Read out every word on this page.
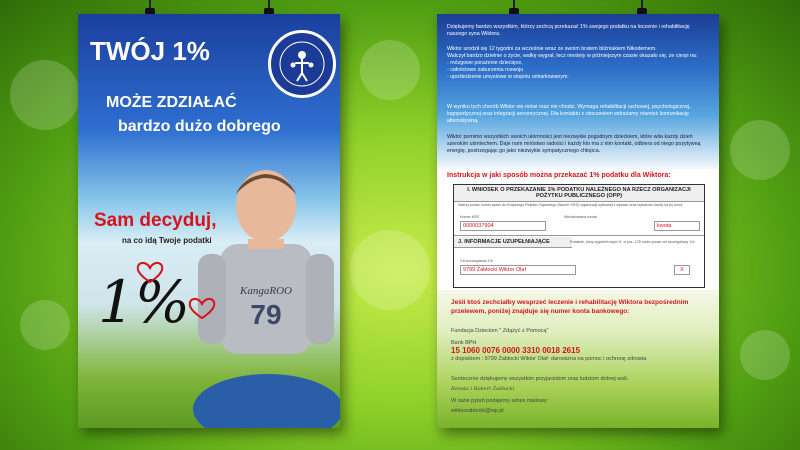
TWÓJ 1%
MOŻE ZDZIAŁAĆ
bardzo dużo dobrego
79
KangaROO
Sam decyduj,
na co idą Twoje podatki
1%
Dziękujemy bardzo wszystkim, którzy zechcą przekazać 1% swojego podatku na leczenie i rehabilitację naszego syna Wiktora.

Wiktor urodził się 12 tygodni za wcześnie wraz ze swoim bratem bliźniakiem Nikodemem.

Walczył bardzo dzielnie o życie, walkę wygrał, lecz niestety w późniejszym czasie okazało się, że cierpi na:

- mózgowe porażenie dziecięce,

- całościowe zaburzenia rozwoju

- upośledzenie umysłowe w stopniu umiarkowanym.

W wyniku tych chorób Wiktor nie mówi oraz nie chodzi. Wymaga rehabilitacji ruchowej, psychologicznej, logopedycznej oraz integracji sensorycznej. Dla kontaktu z otoczeniem wdrażamy również komunikację alternatywną.
Wiktor pomimo wszystkich swoich ułomności jest niezwykle pogodnym dzieckiem, które wita każdy dzień szerokim uśmiechem. Daje nam mnóstwo radości i każdy kto ma z nim kontakt, odbiera od niego pozytywną energię, postrzegając go jako niezwykle sympatycznego chłopca.
Instrukcja w jaki sposób można przekazać 1% podatku dla Wiktora:
I. WNIOSEK O PRZEKAZANIE 1% PODATKU NALEŻNEGO NA RZECZ ORGANIZACJI POŻYTKU PUBLICZNEGO (OPP)
Należy podać numer wpisu do Krajowego Rejestru Sądowego (Numer KRS) organizacji wybranej z wykazu oraz wysokość kwoty na jej rzecz.
Numer KRS
0000037904
Wnioskowana kwota
kwota
J. INFORMACJE UZUPEŁNIAJĄCE	Podatnik, który wypełnił część H, w poz. 125 może podać cel szczegółowy 1%.
Cel szczegółowy 1%
9799 Żabłocki Wiktor Olaf	X
Jeśli ktoś zechciałby wesprzeć leczenie i rehabilitację Wiktora bezpośrednim przelewem, poniżej znajduje się numer konta bankowego:
Fundacja Dzieciom " Zdążyć z Pomocą"
Bank BPH
15 1060 0076 0000 3310 0018 2615
z dopiskiem : 9799 Żabłocki Wiktor Olaf- darowizna na pomoc i ochronę zdrowia
Serdecznie dziękujemy wszystkim przyjaciołom oraz ludziom dobrej woli.
Renata i Robert Żabłocki
W razie pytań podajemy adres mailowy:
wiktorzablocki@wp.pl
